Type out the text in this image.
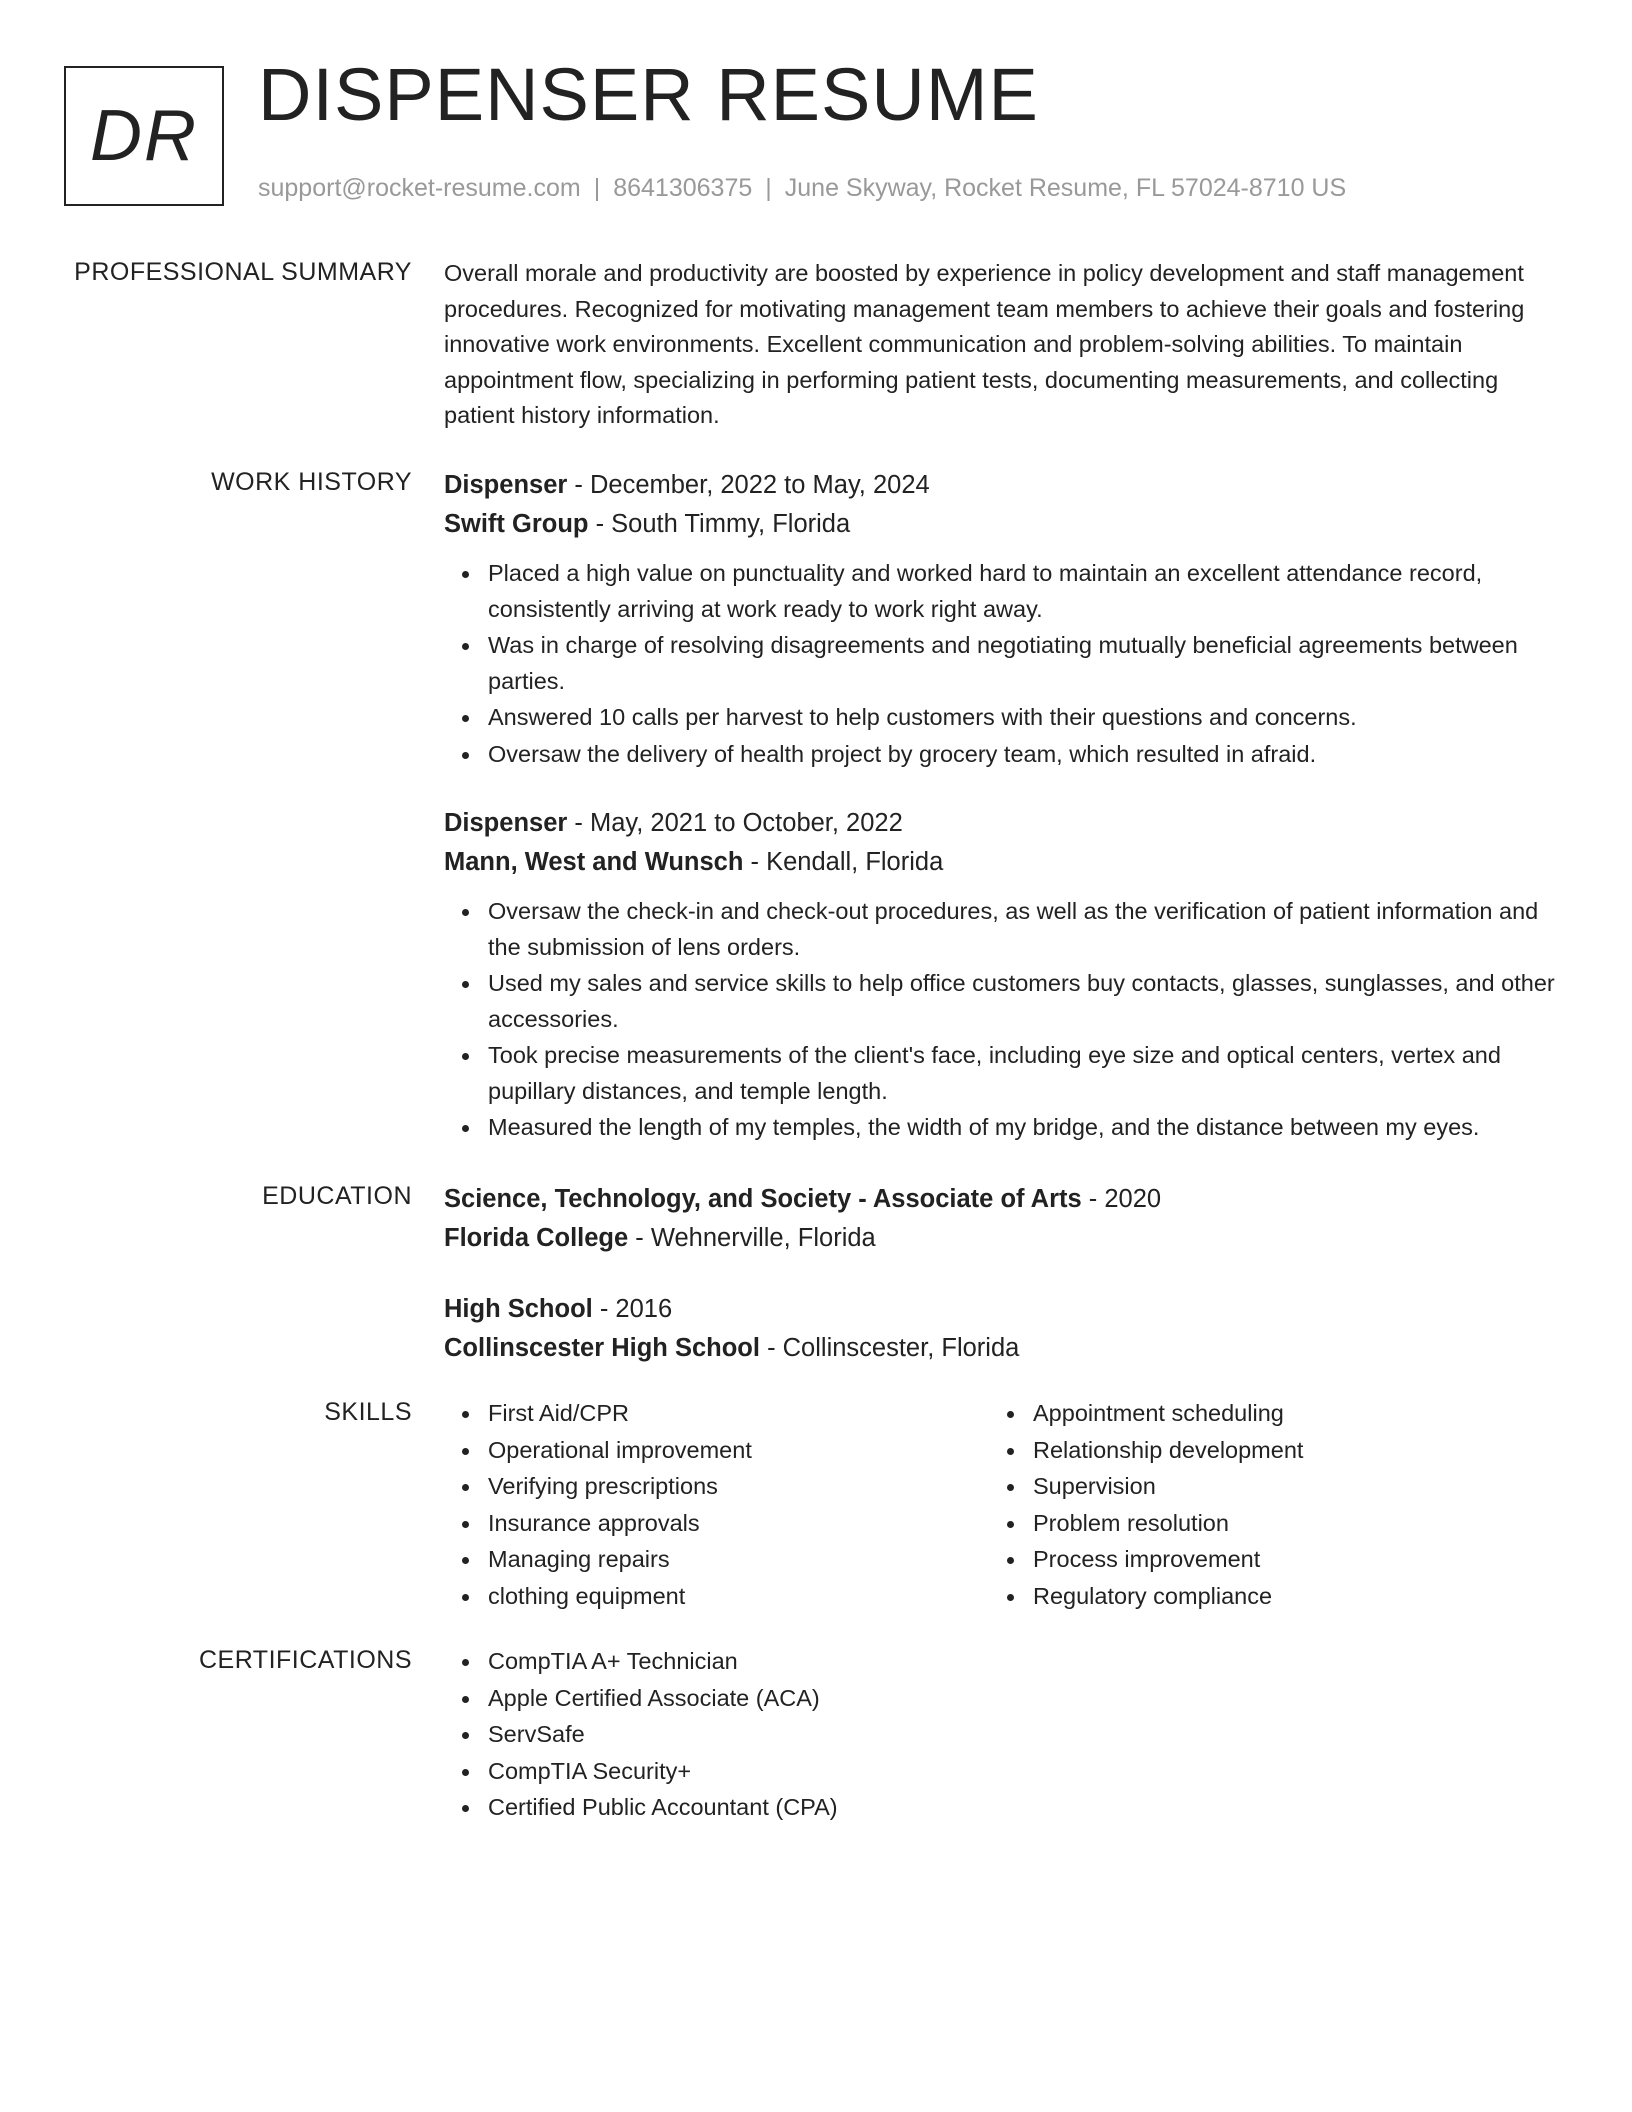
DR DISPENSER RESUME
support@rocket-resume.com | 8641306375 | June Skyway, Rocket Resume, FL 57024-8710 US
PROFESSIONAL SUMMARY Overall morale and productivity are boosted by experience in policy development and staff management procedures. Recognized for motivating management team members to achieve their goals and fostering innovative work environments. Excellent communication and problem-solving abilities. To maintain appointment flow, specializing in performing patient tests, documenting measurements, and collecting patient history information.

WORK HISTORY Dispenser - December, 2022 to May, 2024

Swift Group - South Timmy, Florida

Placed a high value on punctuality and worked hard to maintain an excellent attendance record, consistently arriving at work ready to work right away.
Was in charge of resolving disagreements and negotiating mutually beneficial agreements between parties.
Answered 10 calls per harvest to help customers with their questions and concerns.
Oversaw the delivery of health project by grocery team, which resulted in afraid.

Dispenser - May, 2021 to October, 2022

Mann, West and Wunsch - Kendall, Florida

Oversaw the check-in and check-out procedures, as well as the verification of patient information and the submission of lens orders.
Used my sales and service skills to help office customers buy contacts, glasses, sunglasses, and other accessories.
Took precise measurements of the client's face, including eye size and optical centers, vertex and pupillary distances, and temple length.
Measured the length of my temples, the width of my bridge, and the distance between my eyes.
EDUCATION Science, Technology, and Society - Associate of Arts - 2020

Florida College - Wehnerville, Florida

High School - 2016

Collinscester High School - Collinscester, Florida

SKILLS	First Aid/CPR
Operational improvement
Verifying prescriptions
Insurance approvals
Managing repairs
clothing equipment
Appointment scheduling
Relationship development
Supervision
Problem resolution
Process improvement
Regulatory compliance
CERTIFICATIONS	CompTIA A+ Technician
Apple Certified Associate (ACA)
ServSafe
CompTIA Security+
Certified Public Accountant (CPA)
